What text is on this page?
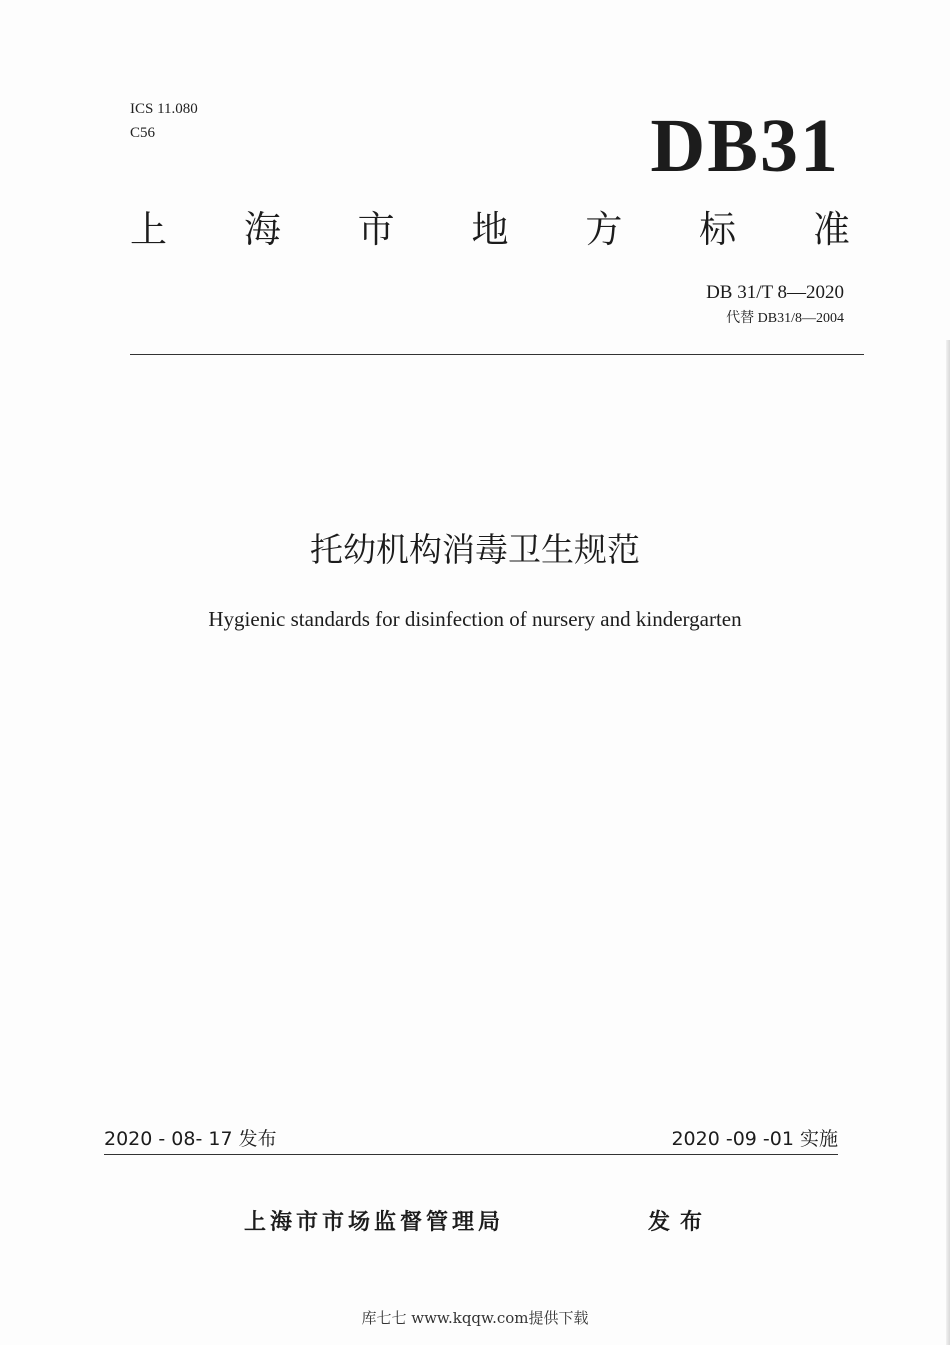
ICS 11.080
C56	DB31
上 海 市 地 方 标 准
DB 31/T 8—2020
代替 DB31/8—2004
托幼机构消毒卫生规范
Hygienic standards for disinfection of nursery and kindergarten
2020 - 08- 17 发布	2020 -09 -01 实施
上海市市场监督管理局	发布
库七七 www.kqqw.com提供下载
